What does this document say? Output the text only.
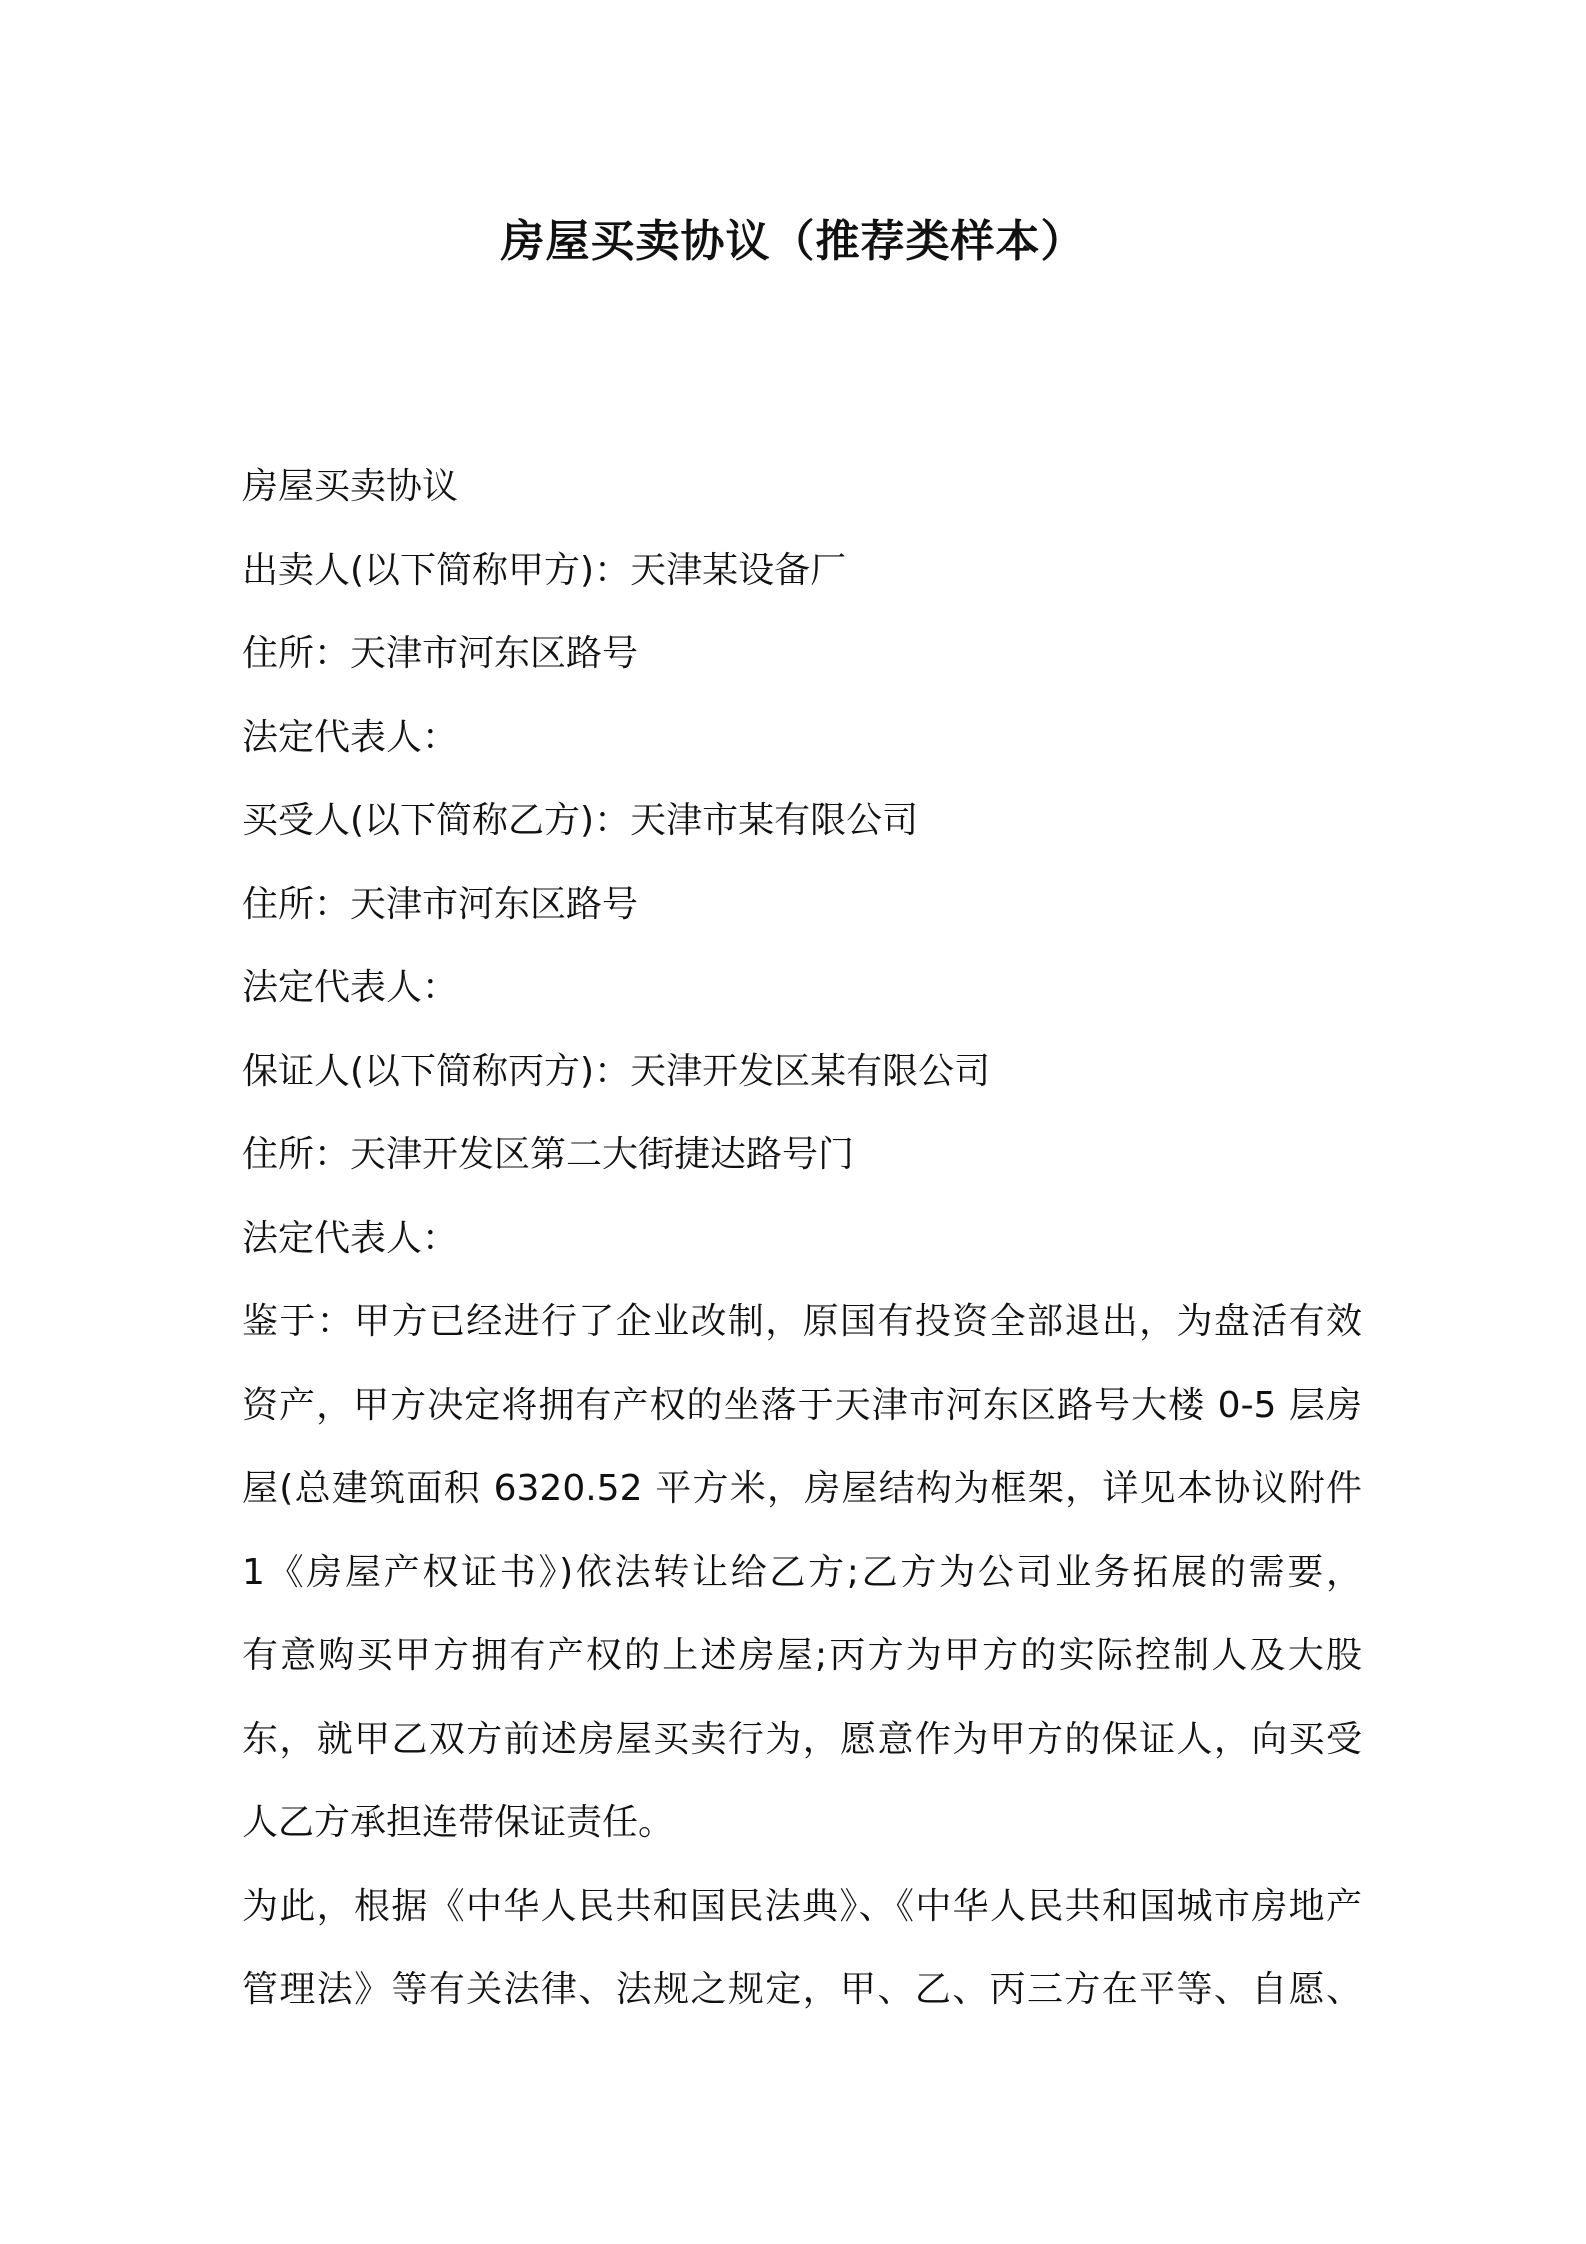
房屋买卖协议（推荐类样本）
房屋买卖协议
出卖人(以下简称甲方)：天津某设备厂
住所：天津市河东区路号
法定代表人：
买受人(以下简称乙方)：天津市某有限公司
住所：天津市河东区路号
法定代表人：
保证人(以下简称丙方)：天津开发区某有限公司
住所：天津开发区第二大街捷达路号门
法定代表人：
鉴于：甲方已经进行了企业改制，原国有投资全部退出，为盘活有效
资产，甲方决定将拥有产权的坐落于天津市河东区路号大楼 0-5 层房
屋(总建筑面积 6320.52 平方米，房屋结构为框架，详见本协议附件
1《房屋产权证书》)依法转让给乙方;乙方为公司业务拓展的需要，
有意购买甲方拥有产权的上述房屋;丙方为甲方的实际控制人及大股
东，就甲乙双方前述房屋买卖行为，愿意作为甲方的保证人，向买受
人乙方承担连带保证责任。
为此，根据《中华人民共和国民法典》、《中华人民共和国城市房地产
管理法》等有关法律、法规之规定，甲、乙、丙三方在平等、自愿、
